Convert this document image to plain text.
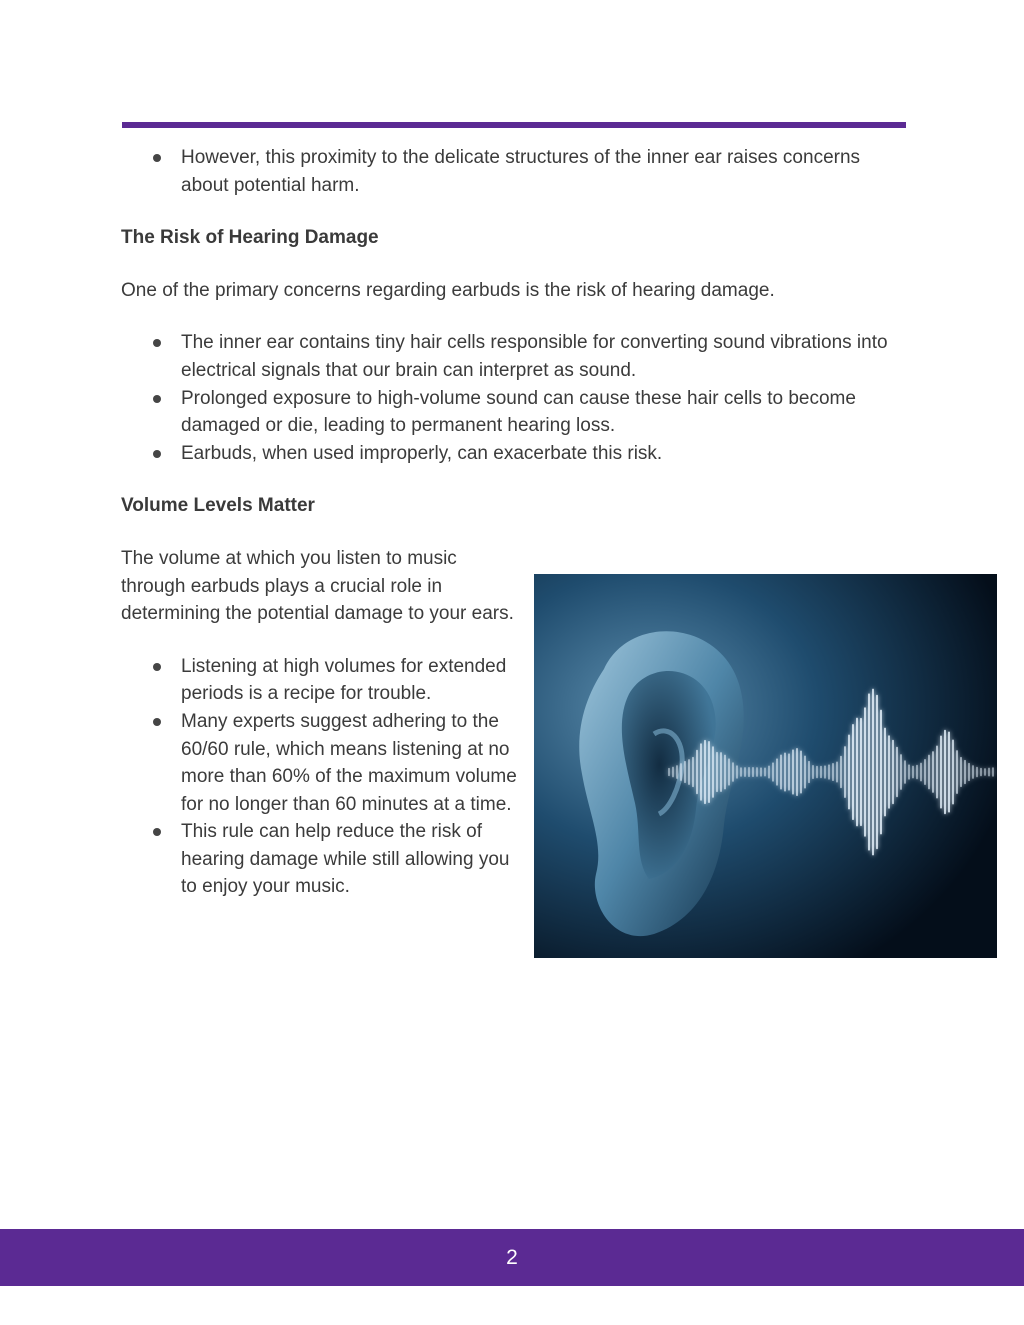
However, this proximity to the delicate structures of the inner ear raises concerns about potential harm.
The Risk of Hearing Damage
One of the primary concerns regarding earbuds is the risk of hearing damage.
The inner ear contains tiny hair cells responsible for converting sound vibrations into electrical signals that our brain can interpret as sound.
Prolonged exposure to high-volume sound can cause these hair cells to become damaged or die, leading to permanent hearing loss.
Earbuds, when used improperly, can exacerbate this risk.
Volume Levels Matter
The volume at which you listen to music through earbuds plays a crucial role in determining the potential damage to your ears.
Listening at high volumes for extended periods is a recipe for trouble.
Many experts suggest adhering to the 60/60 rule, which means listening at no more than 60% of the maximum volume for no longer than 60 minutes at a time.
This rule can help reduce the risk of hearing damage while still allowing you to enjoy your music.
2
